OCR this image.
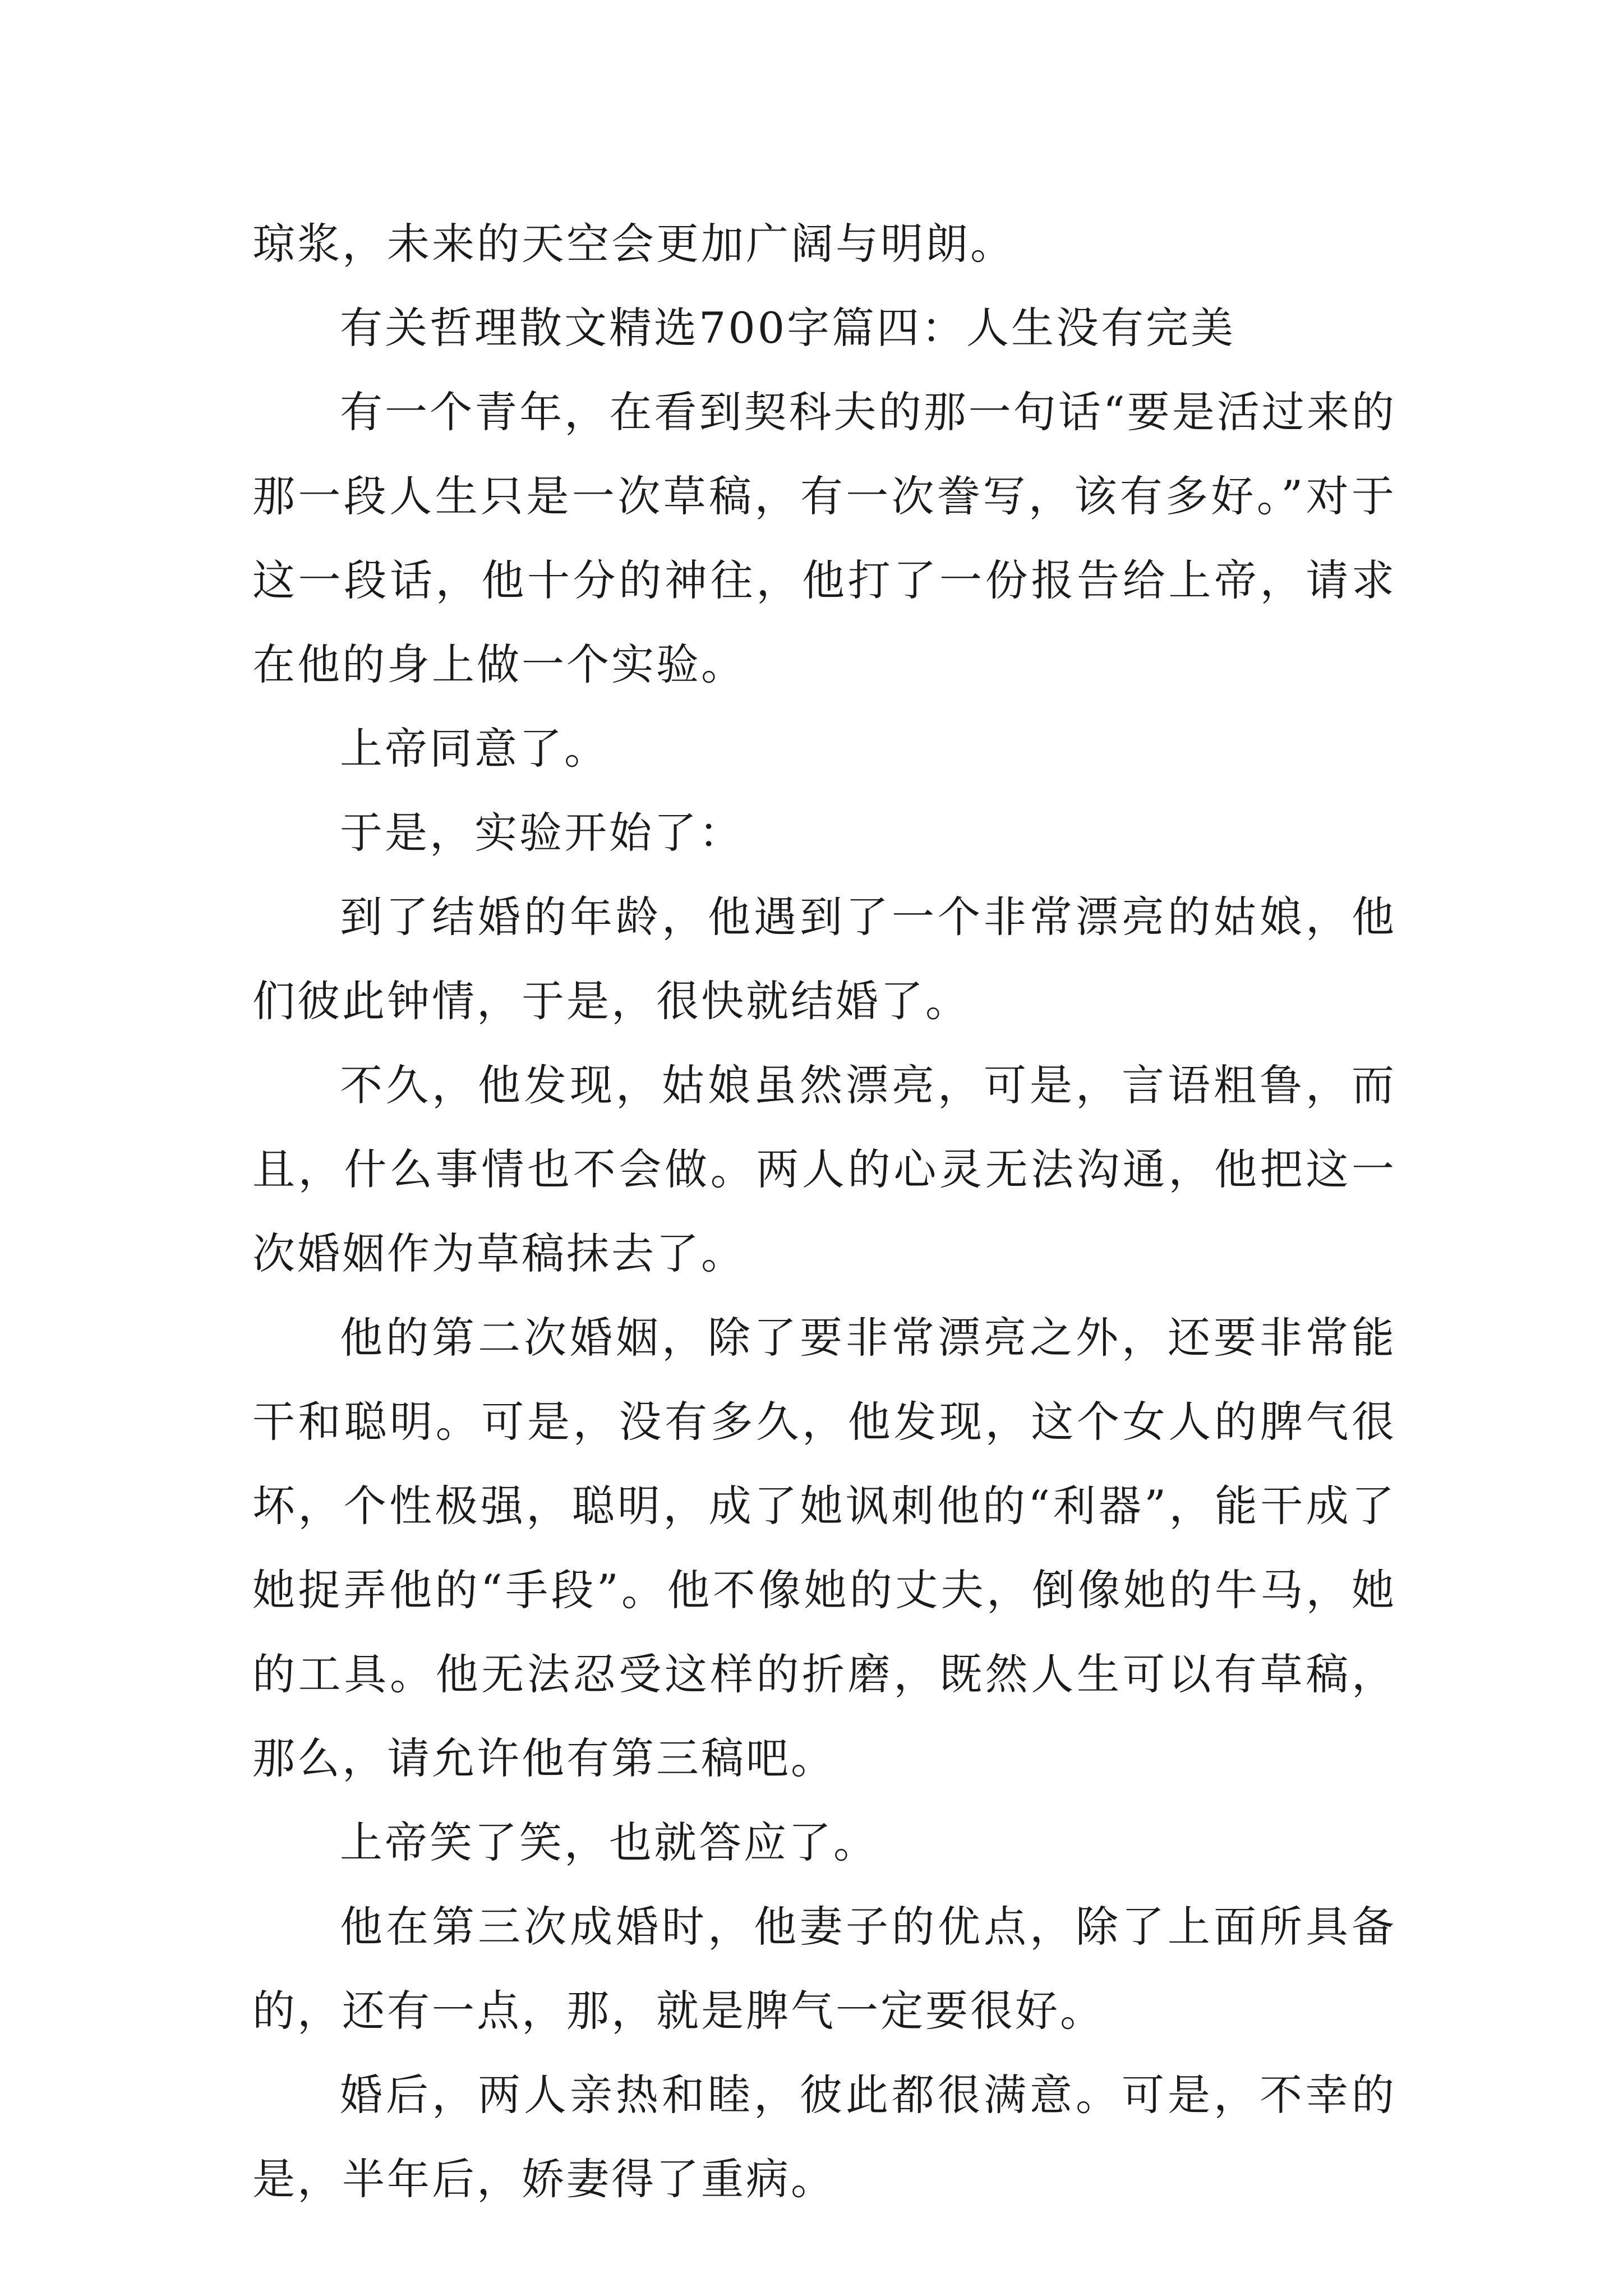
琼浆，未来的天空会更加广阔与明朗。

有关哲理散文精选700字篇四：人生没有完美

有一个青年，在看到契科夫的那一句话“要是活过来的那一段人生只是一次草稿，有一次誊写，该有多好。”对于这一段话，他十分的神往，他打了一份报告给上帝，请求在他的身上做一个实验。

上帝同意了。

于是，实验开始了：

到了结婚的年龄，他遇到了一个非常漂亮的姑娘，他们彼此钟情，于是，很快就结婚了。

不久，他发现，姑娘虽然漂亮，可是，言语粗鲁，而且，什么事情也不会做。两人的心灵无法沟通，他把这一次婚姻作为草稿抹去了。

他的第二次婚姻，除了要非常漂亮之外，还要非常能干和聪明。可是，没有多久，他发现，这个女人的脾气很坏，个性极强，聪明，成了她讽刺他的“利器”，能干成了她捉弄他的“手段”。他不像她的丈夫，倒像她的牛马，她的工具。他无法忍受这样的折磨，既然人生可以有草稿，那么，请允许他有第三稿吧。

上帝笑了笑，也就答应了。

他在第三次成婚时，他妻子的优点，除了上面所具备的，还有一点，那，就是脾气一定要很好。

婚后，两人亲热和睦，彼此都很满意。可是，不幸的是，半年后，娇妻得了重病。
